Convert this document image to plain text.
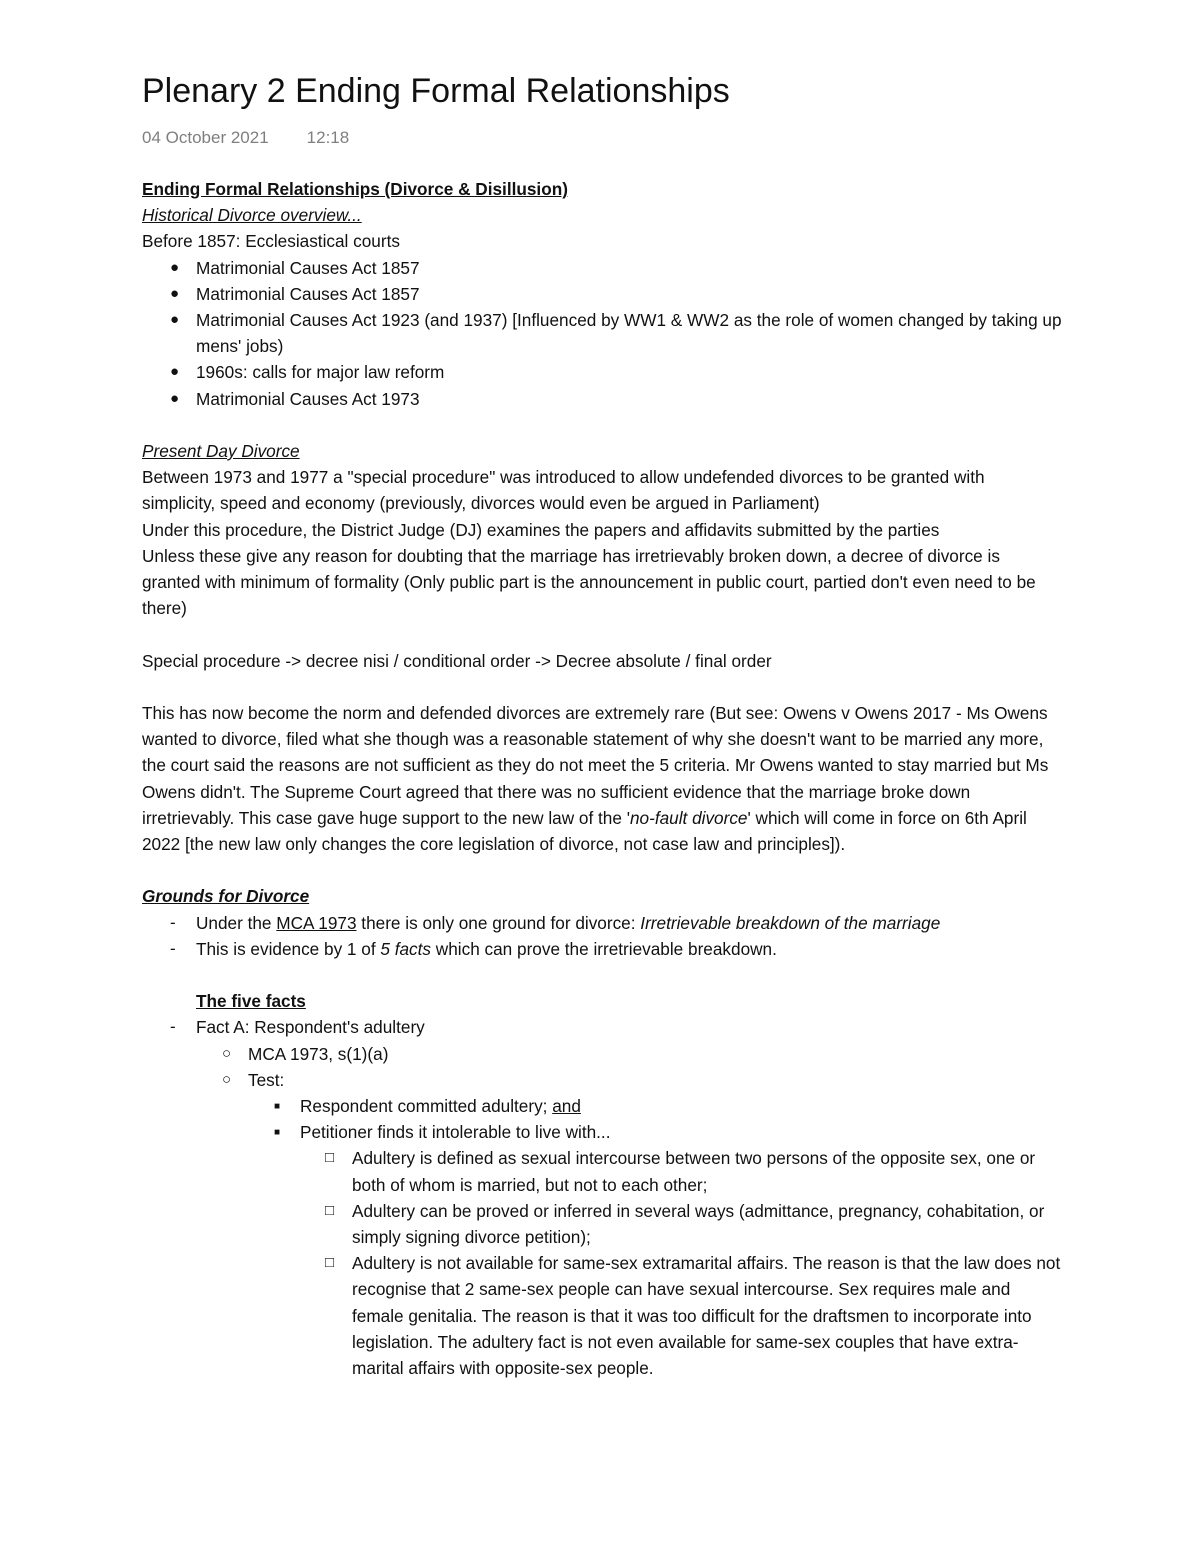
Plenary 2 Ending Formal Relationships
04 October 2021 12:18

Ending Formal Relationships (Divorce & Disillusion)

Historical Divorce overview...

Before 1857: Ecclesiastical courts

● Matrimonial Causes Act 1857
● Matrimonial Causes Act 1857
● Matrimonial Causes Act 1923 (and 1937) [Influenced by WW1 & WW2 as the role of women changed by taking up mens' jobs)
● 1960s: calls for major law reform
● Matrimonial Causes Act 1973

Present Day Divorce

Between 1973 and 1977 a "special procedure" was introduced to allow undefended divorces to be granted with simplicity, speed and economy (previously, divorces would even be argued in Parliament)

Under this procedure, the District Judge (DJ) examines the papers and affidavits submitted by the parties

Unless these give any reason for doubting that the marriage has irretrievably broken down, a decree of divorce is granted with minimum of formality (Only public part is the announcement in public court, partied don't even need to be there)

Special procedure -> decree nisi / conditional order -> Decree absolute / final order

This has now become the norm and defended divorces are extremely rare (But see: Owens v Owens 2017 - Ms Owens wanted to divorce, filed what she though was a reasonable statement of why she doesn't want to be married any more, the court said the reasons are not sufficient as they do not meet the 5 criteria. Mr Owens wanted to stay married but Ms Owens didn't. The Supreme Court agreed that there was no sufficient evidence that the marriage broke down irretrievably. This case gave huge support to the new law of the 'no-fault divorce' which will come in force on 6th April 2022 [the new law only changes the core legislation of divorce, not case law and principles]).

Grounds for Divorce

- Under the MCA 1973 there is only one ground for divorce: Irretrievable breakdown of the marriage
- This is evidence by 1 of 5 facts which can prove the irretrievable breakdown.

The five facts

- Fact A: Respondent's adultery
○ MCA 1973, s(1)(a)
○ Test:
■ Respondent committed adultery; and
■ Petitioner finds it intolerable to live with...
□ Adultery is defined as sexual intercourse between two persons of the opposite sex, one or both of whom is married, but not to each other;
□ Adultery can be proved or inferred in several ways (admittance, pregnancy, cohabitation, or simply signing divorce petition);
□ Adultery is not available for same-sex extramarital affairs. The reason is that the law does not recognise that 2 same-sex people can have sexual intercourse. Sex requires male and female genitalia. The reason is that it was too difficult for the draftsmen to incorporate into legislation. The adultery fact is not even available for same-sex couples that have extra-marital affairs with opposite-sex people.
